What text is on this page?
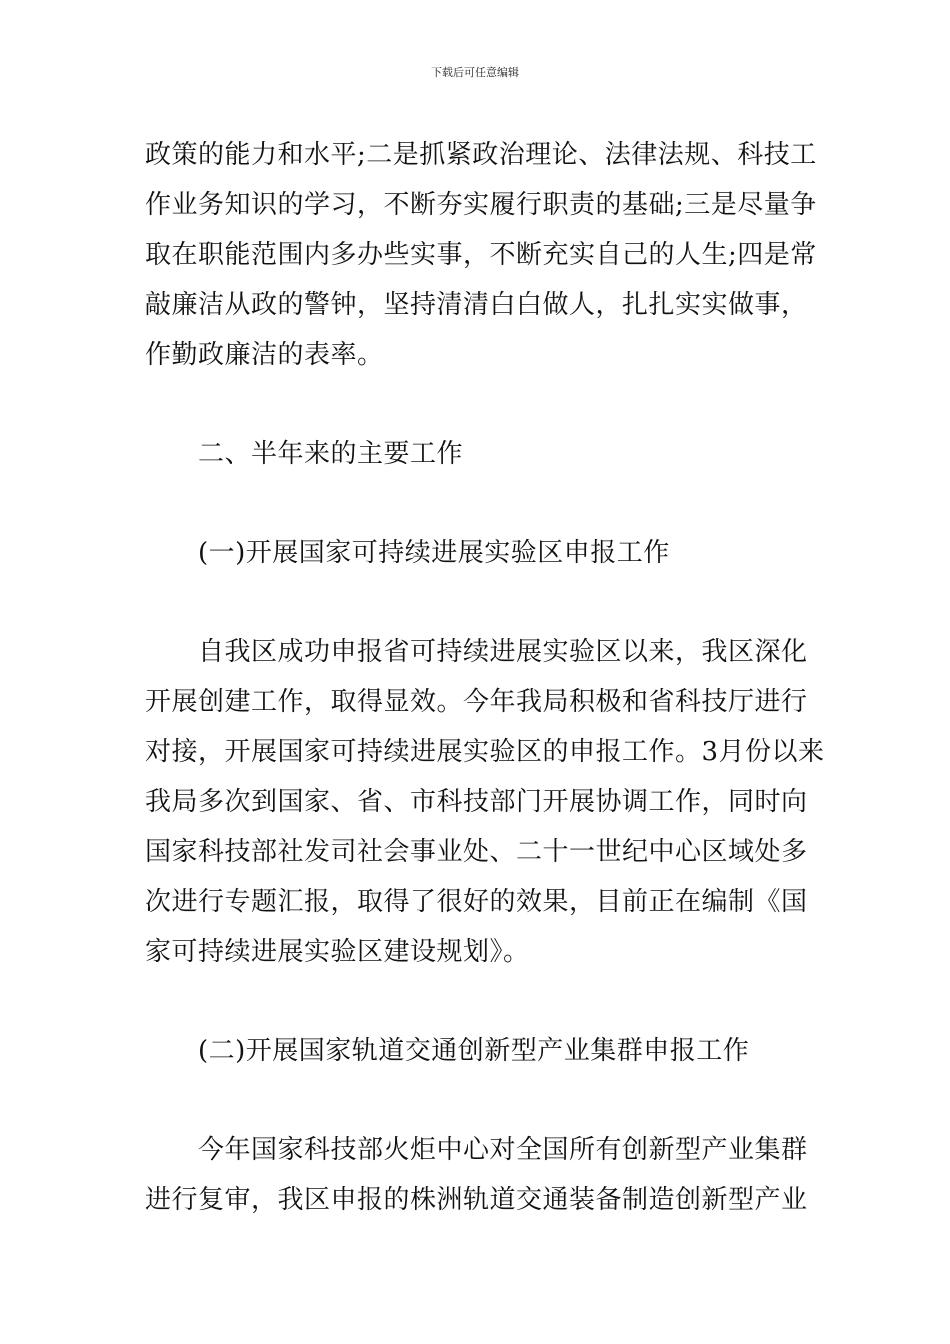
下载后可任意编辑
政策的能力和水平;二是抓紧政治理论、法律法规、科技工
作业务知识的学习，不断夯实履行职责的基础;三是尽量争
取在职能范围内多办些实事，不断充实自己的人生;四是常
敲廉洁从政的警钟，坚持清清白白做人，扎扎实实做事，
作勤政廉洁的表率。
二、半年来的主要工作
(一)开展国家可持续进展实验区申报工作
自我区成功申报省可持续进展实验区以来，我区深化
开展创建工作，取得显效。今年我局积极和省科技厅进行
对接，开展国家可持续进展实验区的申报工作。3月份以来
我局多次到国家、省、市科技部门开展协调工作，同时向
国家科技部社发司社会事业处、二十一世纪中心区域处多
次进行专题汇报，取得了很好的效果，目前正在编制《国
家可持续进展实验区建设规划》。
(二)开展国家轨道交通创新型产业集群申报工作
今年国家科技部火炬中心对全国所有创新型产业集群
进行复审，我区申报的株洲轨道交通装备制造创新型产业
